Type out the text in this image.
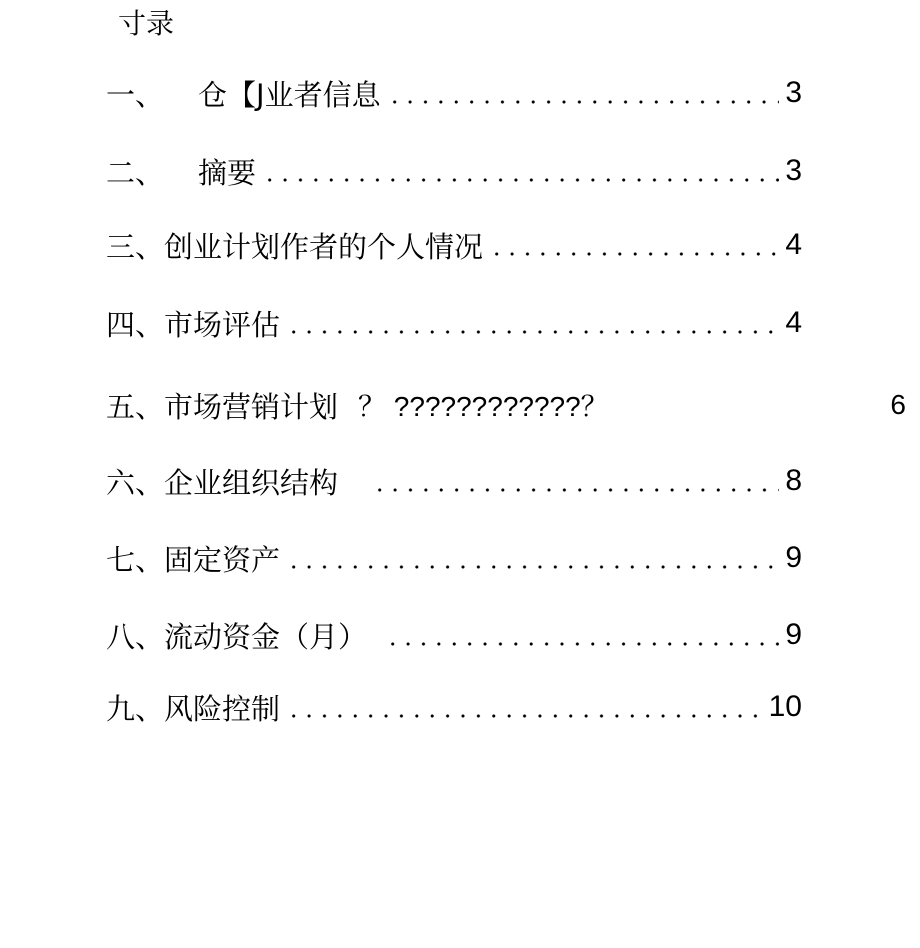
寸录
一、 仓【J业者信息	3
二、 摘要	3
三、 创业计划作者的个人情况	4
四、 市场评估	4
五、 市场营销计划 ？ ????????????？	6
六、 企业组织结构	8
七、 固定资产	9
八、 流动资金（月）	9
九、 风险控制	10
